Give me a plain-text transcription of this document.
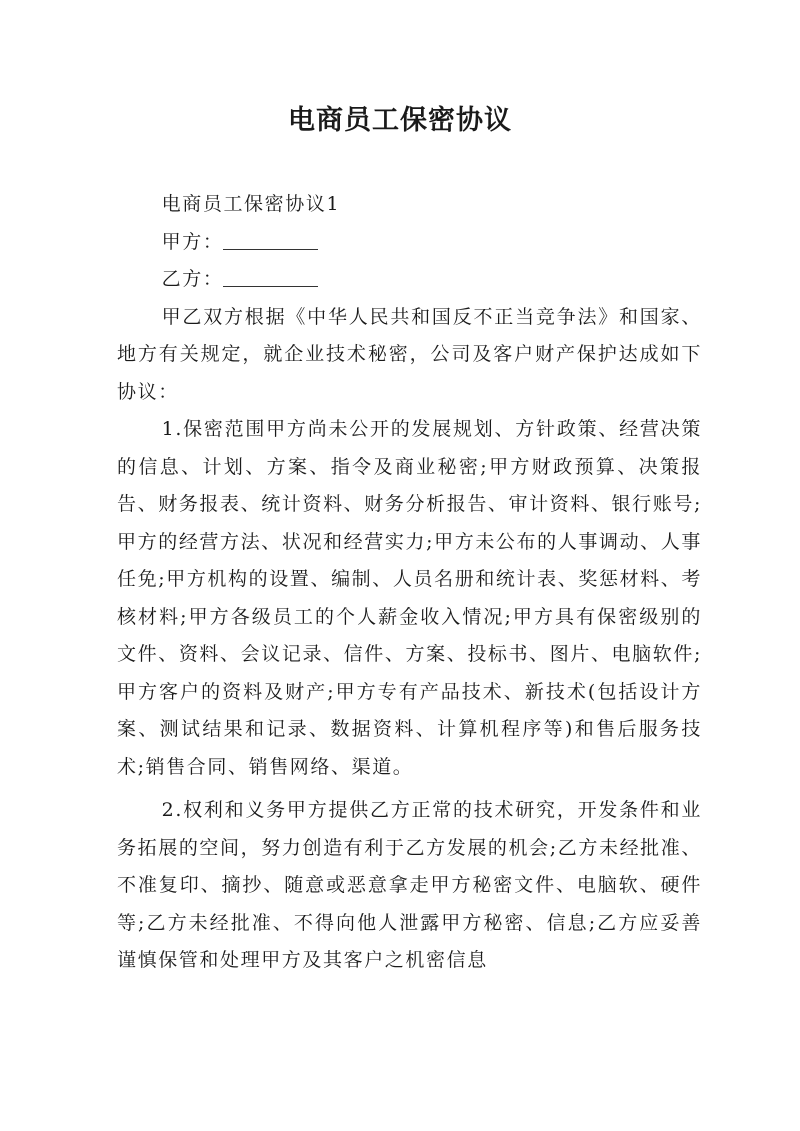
电商员工保密协议

电商员工保密协议1

甲方：

乙方：

甲乙双方根据《中华人民共和国反不正当竞争法》和国家、地方有关规定，就企业技术秘密，公司及客户财产保护达成如下协议：

1.保密范围甲方尚未公开的发展规划、方针政策、经营决策的信息、计划、方案、指令及商业秘密;甲方财政预算、决策报告、财务报表、统计资料、财务分析报告、审计资料、银行账号;甲方的经营方法、状况和经营实力;甲方未公布的人事调动、人事任免;甲方机构的设置、编制、人员名册和统计表、奖惩材料、考核材料;甲方各级员工的个人薪金收入情况;甲方具有保密级别的文件、资料、会议记录、信件、方案、投标书、图片、电脑软件;甲方客户的资料及财产;甲方专有产品技术、新技术(包括设计方案、测试结果和记录、数据资料、计算机程序等)和售后服务技术;销售合同、销售网络、渠道。

2.权利和义务甲方提供乙方正常的技术研究，开发条件和业务拓展的空间，努力创造有利于乙方发展的机会;乙方未经批准、不准复印、摘抄、随意或恶意拿走甲方秘密文件、电脑软、硬件等;乙方未经批准、不得向他人泄露甲方秘密、信息;乙方应妥善谨慎保管和处理甲方及其客户之机密信息
